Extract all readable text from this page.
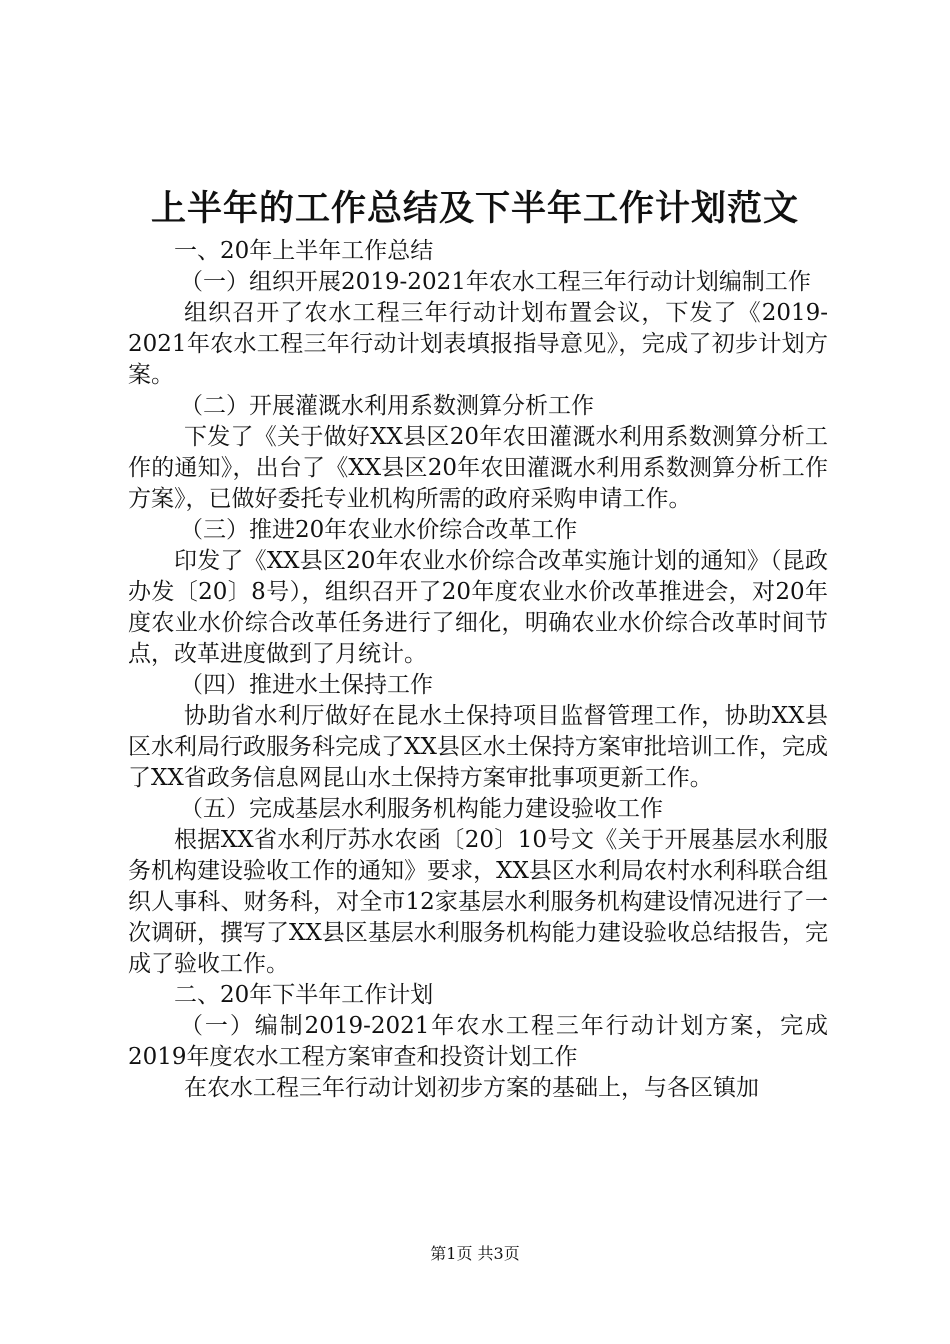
上半年的工作总结及下半年工作计划范文

一、20年上半年工作总结

（一）组织开展2019-2021年农水工程三年行动计划编制工作

组织召开了农水工程三年行动计划布置会议，下发了《2019-2021年农水工程三年行动计划表填报指导意见》，完成了初步计划方案。

（二）开展灌溉水利用系数测算分析工作

下发了《关于做好XX县区20年农田灌溉水利用系数测算分析工作的通知》，出台了《XX县区20年农田灌溉水利用系数测算分析工作方案》，已做好委托专业机构所需的政府采购申请工作。

（三）推进20年农业水价综合改革工作

印发了《XX县区20年农业水价综合改革实施计划的通知》（昆政办发〔20〕8号），组织召开了20年度农业水价改革推进会，对20年度农业水价综合改革任务进行了细化，明确农业水价综合改革时间节点，改革进度做到了月统计。

（四）推进水土保持工作

协助省水利厅做好在昆水土保持项目监督管理工作，协助XX县区水利局行政服务科完成了XX县区水土保持方案审批培训工作，完成了XX省政务信息网昆山水土保持方案审批事项更新工作。

（五）完成基层水利服务机构能力建设验收工作

根据XX省水利厅苏水农函〔20〕10号文《关于开展基层水利服务机构建设验收工作的通知》要求，XX县区水利局农村水利科联合组织人事科、财务科，对全市12家基层水利服务机构建设情况进行了一次调研，撰写了XX县区基层水利服务机构能力建设验收总结报告，完成了验收工作。

二、20年下半年工作计划

（一）编制2019-2021年农水工程三年行动计划方案，完成2019年度农水工程方案审查和投资计划工作

在农水工程三年行动计划初步方案的基础上，与各区镇加

第1页 共3页
